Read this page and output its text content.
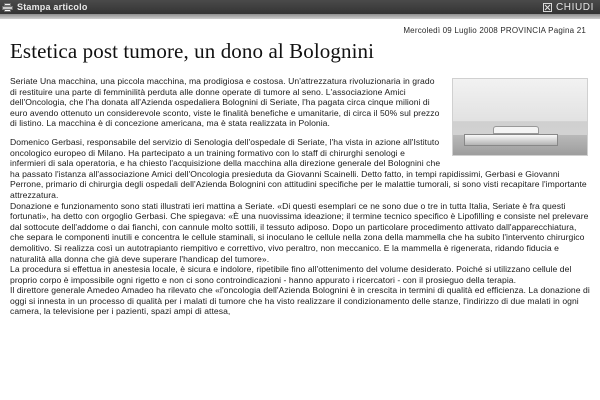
Stampa articolo	CHIUDI
Mercoledì 09 Luglio 2008 PROVINCIA Pagina 21
Estetica post tumore, un dono al Bolognini

Seriate Una macchina, una piccola macchina, ma prodigiosa e costosa. Un'attrezzatura rivoluzionaria in grado di restituire una parte di femminilità perduta alle donne operate di tumore al seno. L'associazione Amici dell'Oncologia, che l'ha donata all'Azienda ospedaliera Bolognini di Seriate, l'ha pagata circa cinque milioni di euro avendo ottenuto un considerevole sconto, viste le finalità benefiche e umanitarie, di circa il 50% sul prezzo di listino. La macchina è di concezione americana, ma è stata realizzata in Polonia.

Domenico Gerbasi, responsabile del servizio di Senologia dell'ospedale di Seriate, l'ha vista in azione all'Istituto oncologico europeo di Milano. Ha partecipato a un training formativo con lo staff di chirurghi senologi e infermieri di sala operatoria, e ha chiesto l'acquisizione della macchina alla direzione generale del Bolognini che ha passato l'istanza all'associazione Amici dell'Oncologia presieduta da Giovanni Scainelli. Detto fatto, in tempi rapidissimi, Gerbasi e Giovanni Perrone, primario di chirurgia degli ospedali dell'Azienda Bolognini con attitudini specifiche per le malattie tumorali, si sono visti recapitare l'importante attrezzatura.

Donazione e funzionamento sono stati illustrati ieri mattina a Seriate. «Di questi esemplari ce ne sono due o tre in tutta Italia, Seriate è fra questi fortunati», ha detto con orgoglio Gerbasi. Che spiegava: «È una nuovissima ideazione; il termine tecnico specifico è Lipofilling e consiste nel prelevare dal sottocute dell'addome o dai fianchi, con cannule molto sottili, il tessuto adiposo. Dopo un particolare procedimento attivato dall'apparecchiatura, che separa le componenti inutili e concentra le cellule staminali, si inoculano le cellule nella zona della mammella che ha subito l'intervento chirurgico demolitivo. Si realizza così un autotrapianto riempitivo e correttivo, vivo peraltro, non meccanico. E la mammella è rigenerata, ridando fiducia e naturalità alla donna che già deve superare l'handicap del tumore».

La procedura si effettua in anestesia locale, è sicura e indolore, ripetibile fino all'ottenimento del volume desiderato. Poiché si utilizzano cellule del proprio corpo è impossibile ogni rigetto e non ci sono controindicazioni - hanno appurato i ricercatori - con il prosieguo della terapia.

Il direttore generale Amedeo Amadeo ha rilevato che «l'oncologia dell'Azienda Bolognini è in crescita in termini di qualità ed efficienza. La donazione di oggi si innesta in un processo di qualità per i malati di tumore che ha visto realizzare il condizionamento delle stanze, l'indirizzo di due malati in ogni camera, la televisione per i pazienti, spazi ampi di attesa,
